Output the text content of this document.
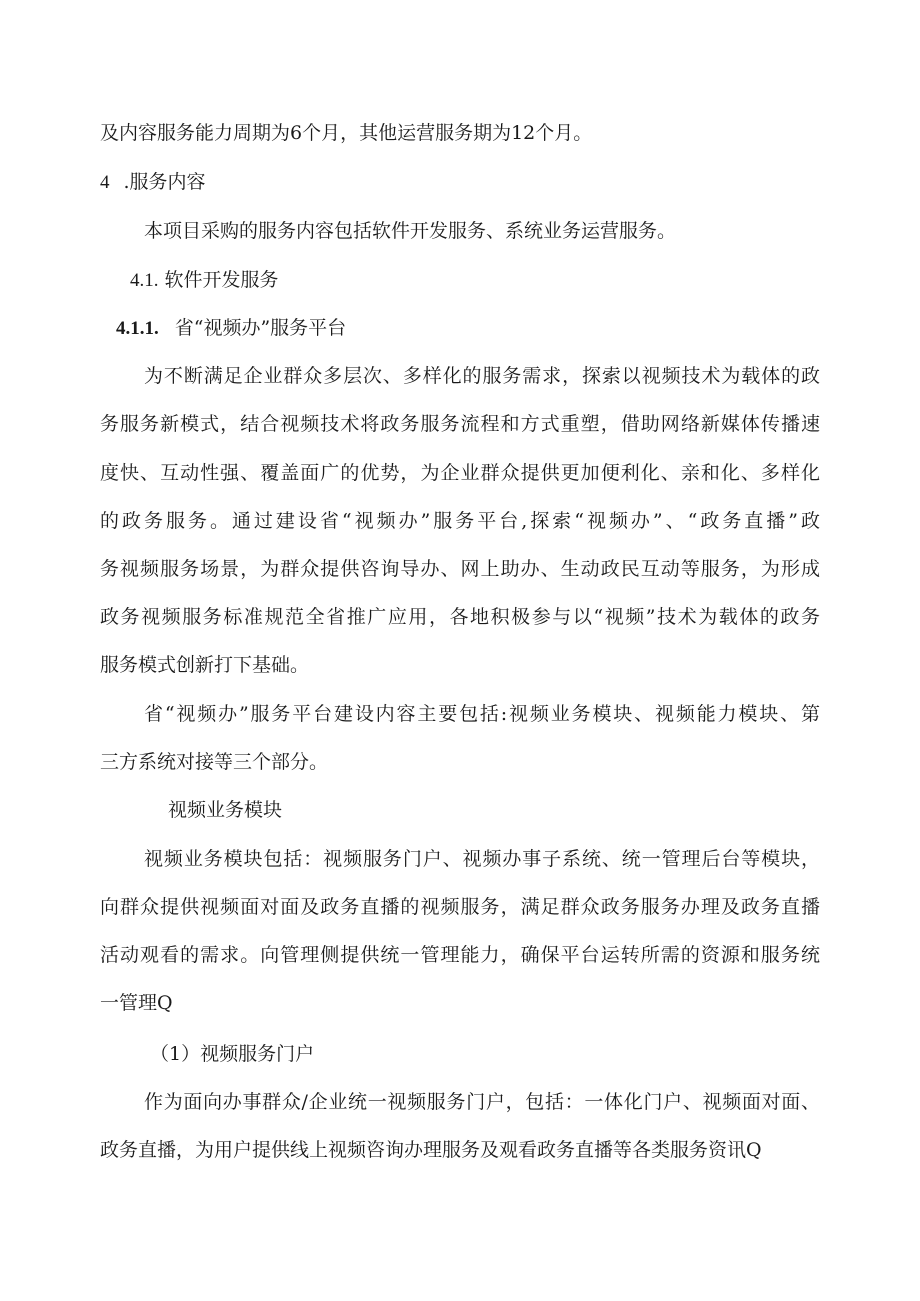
及内容服务能力周期为6个月，其他运营服务期为12个月。
4 .服务内容
本项目采购的服务内容包括软件开发服务、系统业务运营服务。
4.1. 软件开发服务
4.1.1. 省“视频办”服务平台
为不断满足企业群众多层次、多样化的服务需求，探索以视频技术为载体的政
务服务新模式，结合视频技术将政务服务流程和方式重塑，借助网络新媒体传播速
度快、互动性强、覆盖面广的优势，为企业群众提供更加便利化、亲和化、多样化
的政务服务。通过建设省“视频办”服务平台,探索“视频办”、“政务直播”政
务视频服务场景，为群众提供咨询导办、网上助办、生动政民互动等服务，为形成
政务视频服务标准规范全省推广应用，各地积极参与以“视频”技术为载体的政务
服务模式创新打下基础。
省“视频办”服务平台建设内容主要包括:视频业务模块、视频能力模块、第
三方系统对接等三个部分。
视频业务模块
视频业务模块包括：视频服务门户、视频办事子系统、统一管理后台等模块，
向群众提供视频面对面及政务直播的视频服务，满足群众政务服务办理及政务直播
活动观看的需求。向管理侧提供统一管理能力，确保平台运转所需的资源和服务统
一管理Q
（1）视频服务门户
作为面向办事群众/企业统一视频服务门户，包括：一体化门户、视频面对面、
政务直播，为用户提供线上视频咨询办理服务及观看政务直播等各类服务资讯Q
